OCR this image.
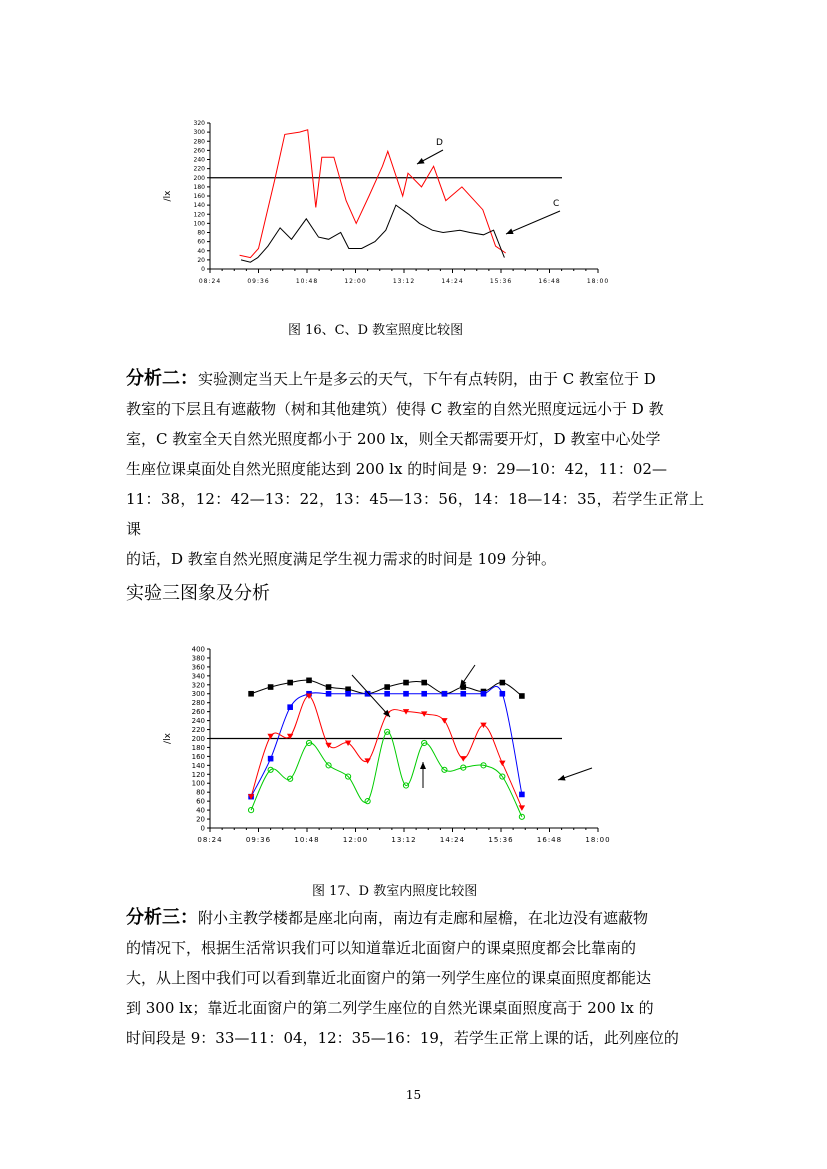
0
20
40
60
80
100
120
140
160
180
200
220
240
260
280
300
320
08:24	09:36	10:48	12:00	13:12	14:24	15:36	16:48	18:00
/lx
D
C
图 16、C、D 教室照度比较图
分析二：实验测定当天上午是多云的天气，下午有点转阴，由于 C 教室位于 D
教室的下层且有遮蔽物（树和其他建筑）使得 C 教室的自然光照度远远小于 D 教
室，C 教室全天自然光照度都小于 200 lx，则全天都需要开灯，D 教室中心处学
生座位课桌面处自然光照度能达到 200 lx 的时间是 9：29—10：42，11：02—
11：38，12：42—13：22，13：45—13：56，14：18—14：35，若学生正常上课
的话，D 教室自然光照度满足学生视力需求的时间是 109 分钟。
实验三图象及分析
0
20
40
60
80
100
120
140
160
180
200
220
240
260
280
300
320
340
360
380
400
08:24	09:36	10:48	12:00	13:12	14:24	15:36	16:48	18:00
/lx
图 17、D 教室内照度比较图
分析三：附小主教学楼都是座北向南，南边有走廊和屋檐，在北边没有遮蔽物
的情况下，根据生活常识我们可以知道靠近北面窗户的课桌照度都会比靠南的
大，从上图中我们可以看到靠近北面窗户的第一列学生座位的课桌面照度都能达
到 300 lx；靠近北面窗户的第二列学生座位的自然光课桌面照度高于 200 lx 的
时间段是 9：33—11：04，12：35—16：19，若学生正常上课的话，此列座位的
15
